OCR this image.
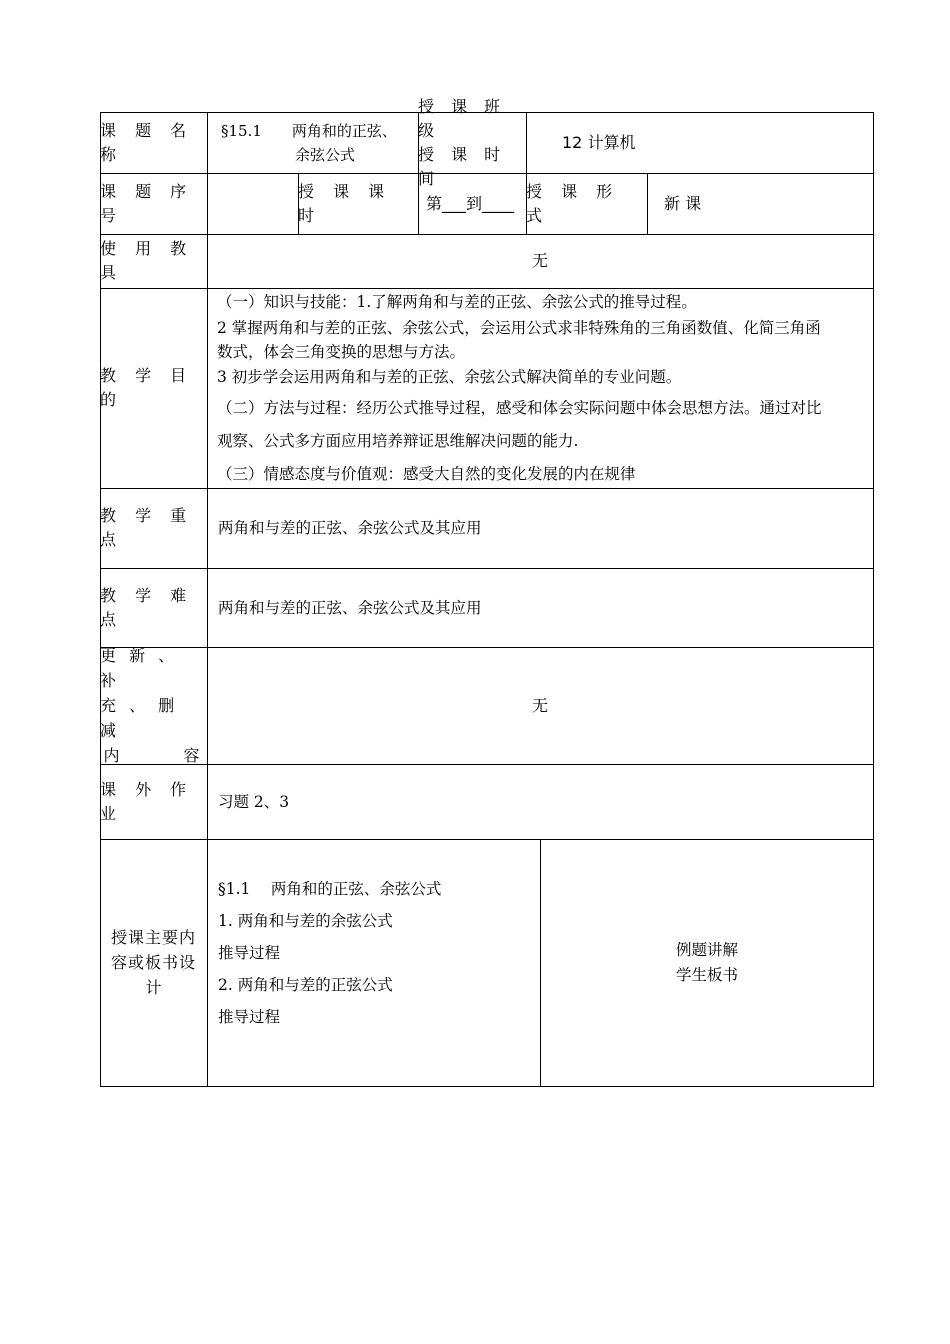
课 题 名 称
§15.1　　两角和的正弦、
余弦公式
授 课 班 级
授 课 时 间
12 计算机
课 题 序 号
授 课 课 时
第___到____
授 课 形 式
新 课
使 用 教 具
无
教 学 目 的
（一）知识与技能：1.了解两角和与差的正弦、余弦公式的推导过程。
2 掌握两角和与差的正弦、余弦公式，会运用公式求非特殊角的三角函数值、化简三角函
数式，体会三角变换的思想与方法。
3 初步学会运用两角和与差的正弦、余弦公式解决简单的专业问题。
（二）方法与过程：经历公式推导过程，感受和体会实际问题中体会思想方法。通过对比
观察、公式多方面应用培养辩证思维解决问题的能力.
（三）情感态度与价值观：感受大自然的变化发展的内在规律
教 学 重 点
两角和与差的正弦、余弦公式及其应用
教 学 难 点
两角和与差的正弦、余弦公式及其应用
更 新 、 补
充 、 删 减
内　　　容
无
课 外 作 业
习题 2、3
授课主要内
容或板书设
计
§1.1　 两角和的正弦、余弦公式
1. 两角和与差的余弦公式
推导过程
2. 两角和与差的正弦公式
推导过程
例题讲解
学生板书
